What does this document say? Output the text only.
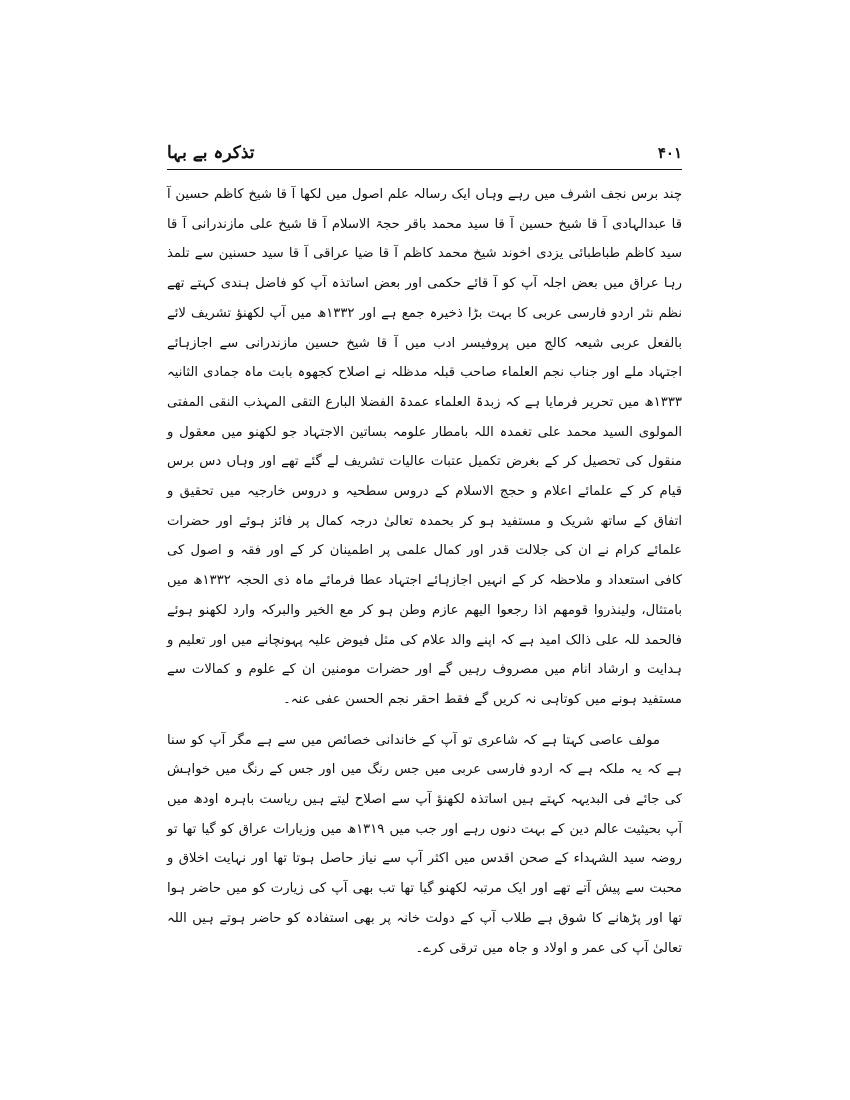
تذکرہ بے بہا	۴۰۱

چند برس نجف اشرف میں رہے وہاں ایک رسالہ علم اصول میں لکھا آ قا شیخ کاظم حسین آ قا عبدالہادی آ قا شیخ حسین آ قا سید محمد باقر حجۃ الاسلام آ قا شیخ علی مازندرانی آ قا سید کاظم طباطبائی یزدی اخوند شیخ محمد کاظم آ قا ضیا عراقی آ قا سید حسنین سے تلمذ رہا عراق میں بعض اجلہ آپ کو آ قائے حکمی اور بعض اساتذہ آپ کو فاضل ہندی کہتے تھے نظم نثر اردو فارسی عربی کا بہت بڑا ذخیرہ جمع ہے اور ۱۳۳۲ھ میں آپ لکھنؤ تشریف لائے بالفعل عربی شیعہ کالج میں پروفیسر ادب میں آ قا شیخ حسین مازندرانی سے اجازہائے اجتہاد ملے اور جناب نجم العلماء صاحب قبلہ مدظلہ نے اصلاح کجھوہ بابت ماہ جمادی الثانیہ ۱۳۳۳ھ میں تحریر فرمایا ہے کہ زبدۃ العلماء عمدۃ الفضلا البارع التقی المہذب النقی المفتی المولوی السید محمد علی تغمدہ اللہ بامطار علومہ بساتین الاجتہاد جو لکھنو میں معقول و منقول کی تحصیل کر کے بغرض تکمیل عتبات عالیات تشریف لے گئے تھے اور وہاں دس برس قیام کر کے علمائے اعلام و حجج الاسلام کے دروس سطحیہ و دروس خارجیہ میں تحقیق و اتفاق کے ساتھ شریک و مستفید ہو کر بحمدہ تعالیٰ درجہ کمال پر فائز ہوئے اور حضرات علمائے کرام نے ان کی جلالت قدر اور کمال علمی پر اطمینان کر کے اور فقہ و اصول کی کافی استعداد و ملاحظہ کر کے انہیں اجازہائے اجتہاد عطا فرمائے ماہ ذی الحجہ ۱۳۳۲ھ میں بامتثال، ولینذروا قومھم اذا رجعوا الیھم عازم وطن ہو کر مع الخیر والبرکہ وارد لکھنو ہوئے فالحمد للہ علی ذالک امید ہے کہ اپنے والد علام کی مثل فیوض علیہ پہونچانے میں اور تعلیم و ہدایت و ارشاد انام میں مصروف رہیں گے اور حضرات مومنین ان کے علوم و کمالات سے مستفید ہونے میں کوتاہی نہ کریں گے فقط احقر نجم الحسن عفی عنہ۔

مولف عاصی کہتا ہے کہ شاعری تو آپ کے خاندانی خصائص میں سے ہے مگر آپ کو سنا ہے کہ یہ ملکہ ہے کہ اردو فارسی عربی میں جس رنگ میں اور جس کے رنگ میں خواہش کی جائے فی البدیہہ کہتے ہیں اساتذہ لکھنؤ آپ سے اصلاح لیتے ہیں ریاست باہرہ اودھ میں آپ بحیثیت عالم دین کے بہت دنوں رہے اور جب میں ۱۳۱۹ھ میں وزیارات عراق کو گیا تھا تو روضہ سید الشہداء کے صحن اقدس میں اکثر آپ سے نیاز حاصل ہوتا تھا اور نہایت اخلاق و محبت سے پیش آتے تھے اور ایک مرتبہ لکھنو گیا تھا تب بھی آپ کی زیارت کو میں حاضر ہوا تھا اور پڑھانے کا شوق ہے طلاب آپ کے دولت خانہ پر بھی استفادہ کو حاضر ہوتے ہیں اللہ تعالیٰ آپ کی عمر و اولاد و جاہ میں ترقی کرے۔
